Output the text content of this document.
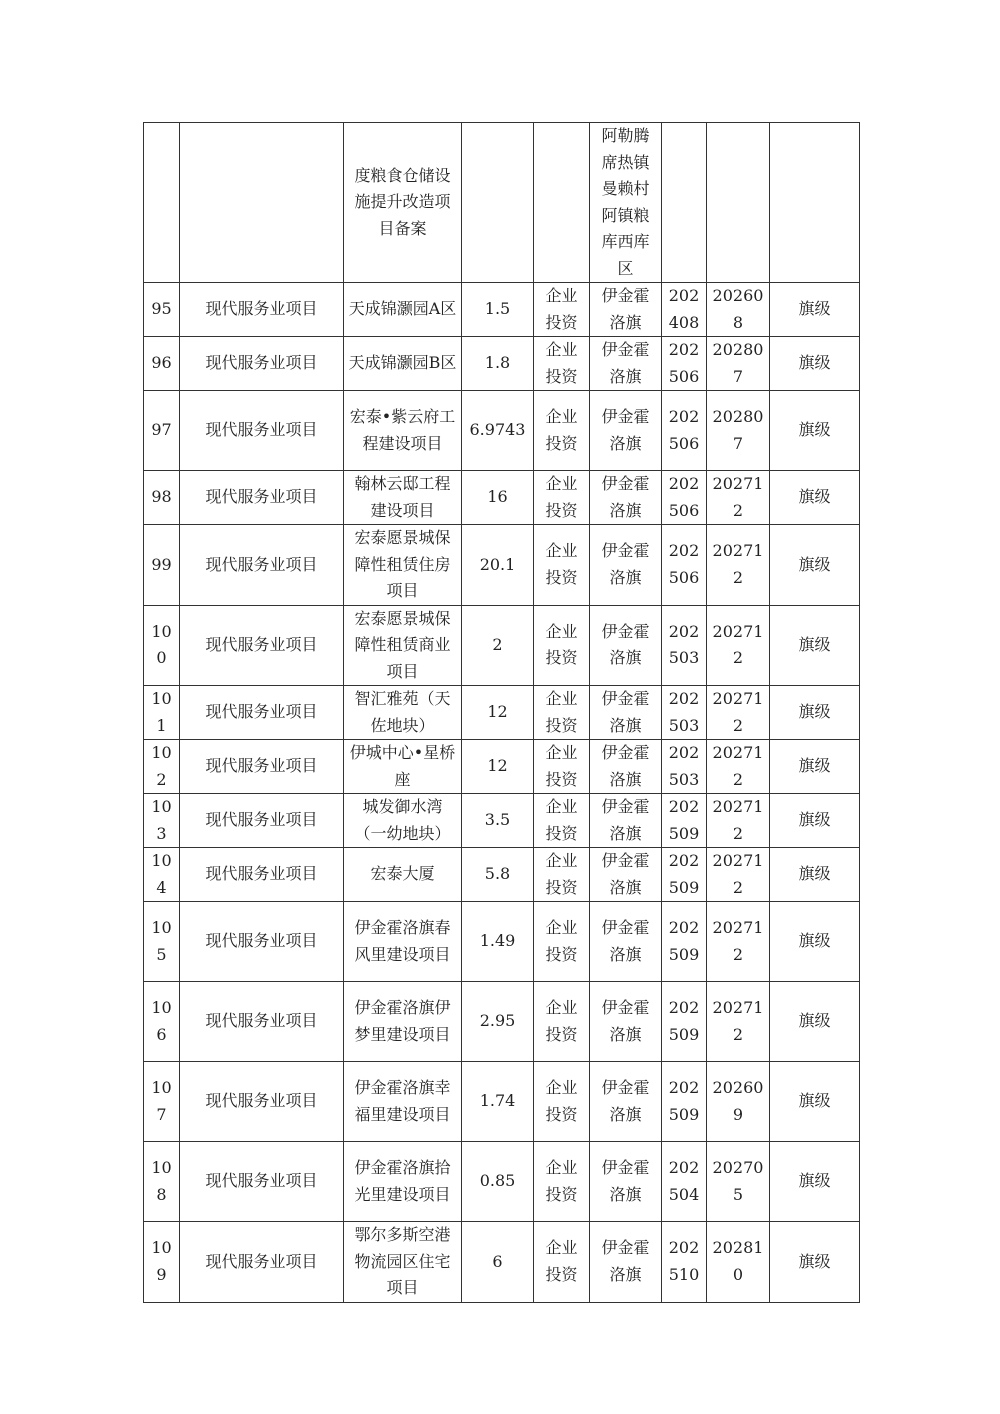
		度粮食仓储设施提升改造项目备案			阿勒腾席热镇曼赖村阿镇粮库西库区			
95	现代服务业项目	天成锦灏园A区	1.5	企业投资	伊金霍洛旗	202408	202608	旗级
96	现代服务业项目	天成锦灏园B区	1.8	企业投资	伊金霍洛旗	202506	202807	旗级
97	现代服务业项目	宏泰•紫云府工程建设项目	6.9743	企业投资	伊金霍洛旗	202506	202807	旗级
98	现代服务业项目	翰林云邸工程建设项目	16	企业投资	伊金霍洛旗	202506	202712	旗级
99	现代服务业项目	宏泰愿景城保障性租赁住房项目	20.1	企业投资	伊金霍洛旗	202506	202712	旗级
100	现代服务业项目	宏泰愿景城保障性租赁商业项目	2	企业投资	伊金霍洛旗	202503	202712	旗级
101	现代服务业项目	智汇雅苑（天佐地块）	12	企业投资	伊金霍洛旗	202503	202712	旗级
102	现代服务业项目	伊城中心•星桥座	12	企业投资	伊金霍洛旗	202503	202712	旗级
103	现代服务业项目	城发御水湾（一幼地块）	3.5	企业投资	伊金霍洛旗	202509	202712	旗级
104	现代服务业项目	宏泰大厦	5.8	企业投资	伊金霍洛旗	202509	202712	旗级
105	现代服务业项目	伊金霍洛旗春风里建设项目	1.49	企业投资	伊金霍洛旗	202509	202712	旗级
106	现代服务业项目	伊金霍洛旗伊梦里建设项目	2.95	企业投资	伊金霍洛旗	202509	202712	旗级
107	现代服务业项目	伊金霍洛旗幸福里建设项目	1.74	企业投资	伊金霍洛旗	202509	202609	旗级
108	现代服务业项目	伊金霍洛旗拾光里建设项目	0.85	企业投资	伊金霍洛旗	202504	202705	旗级
109	现代服务业项目	鄂尔多斯空港物流园区住宅项目	6	企业投资	伊金霍洛旗	202510	202810	旗级
